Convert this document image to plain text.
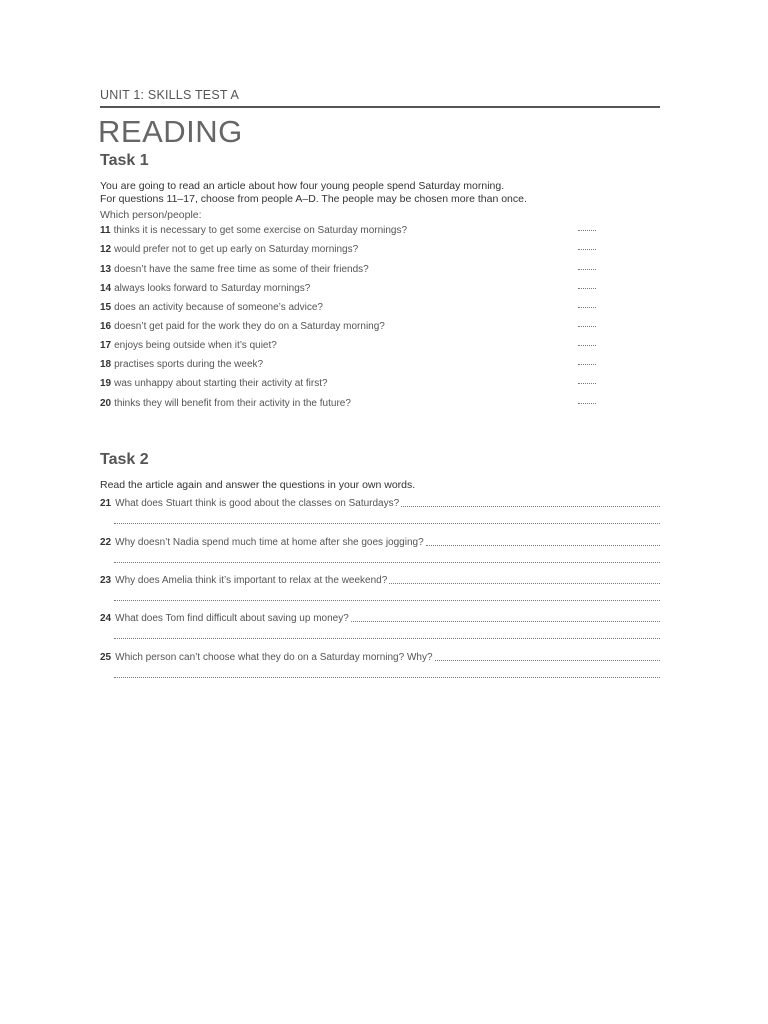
UNIT 1: SKILLS TEST A
READING
Task 1
You are going to read an article about how four young people spend Saturday morning.
For questions 11–17, choose from people A–D. The people may be chosen more than once.
Which person/people:
11 thinks it is necessary to get some exercise on Saturday mornings?
12 would prefer not to get up early on Saturday mornings?
13 doesn’t have the same free time as some of their friends?
14 always looks forward to Saturday mornings?
15 does an activity because of someone’s advice?
16 doesn’t get paid for the work they do on a Saturday morning?
17 enjoys being outside when it’s quiet?
18 practises sports during the week?
19 was unhappy about starting their activity at first?
20 thinks they will benefit from their activity in the future?
Task 2
Read the article again and answer the questions in your own words.
21 What does Stuart think is good about the classes on Saturdays?
22 Why doesn’t Nadia spend much time at home after she goes jogging?
23 Why does Amelia think it’s important to relax at the weekend?
24 What does Tom find difficult about saving up money?
25 Which person can’t choose what they do on a Saturday morning? Why?
